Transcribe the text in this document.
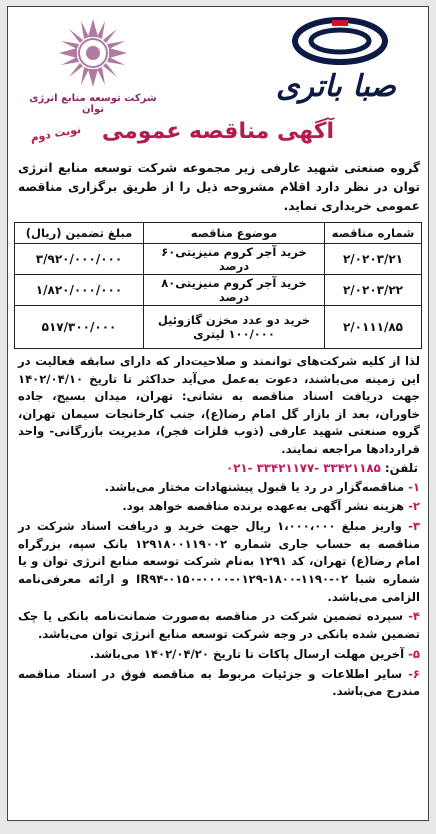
صبا باتری
شرکت توسعه منابع انرژی توان
آگهی مناقصه عمومی
نوبت دوم
گروه صنعتی شهید عارفی زیر مجموعه شرکت توسعه منابع انرژی توان در نظر دارد اقلام مشروحه ذیل را از طریق برگزاری مناقصه عمومی خریداری نماید.
شماره مناقصه	موضوع مناقصه	مبلغ تضمین (ریال)
۲/۰۲۰۳/۲۱	خرید آجر کروم منیزیتی۶۰ درصد	۳/۹۲۰/۰۰۰/۰۰۰
۲/۰۲۰۳/۲۲	خرید آجر کروم منیزیتی۸۰ درصد	۱/۸۲۰/۰۰۰/۰۰۰
۲/۰۱۱۱/۸۵	خرید دو عدد مخزن گازوئیل ۱۰۰/۰۰۰ لیتری	۵۱۷/۳۰۰/۰۰۰
لذا از کلیه شرکت‌های توانمند و صلاحیت‌دار که دارای سابقه فعالیت در این زمینه می‌باشند، دعوت به‌عمل می‌آید حداکثر تا تاریخ ۱۴۰۲/۰۴/۱۰ جهت دریافت اسناد مناقصه به نشانی: تهران، میدان بسیج، جاده خاوران، بعد از بازار گل امام رضا(ع)، جنب کارخانجات سیمان تهران، گروه صنعتی شهید عارفی (ذوب فلزات فجر)، مدیریت بازرگانی- واحد قراردادها مراجعه نمایند.
تلفن: ۰۲۱- ۳۳۴۲۱۱۷۷- ۳۳۴۲۱۱۸۵
۱- مناقصه‌گزار در رد یا قبول پیشنهادات مختار می‌باشد.
۲- هزینه نشر آگهی به‌عهده برنده مناقصه خواهد بود.
۳- واریز مبلغ ۱،۰۰۰،۰۰۰ ریال جهت خرید و دریافت اسناد شرکت در مناقصه به حساب جاری شماره ۱۲۹۱۸۰۰۱۱۹۰۰۲ بانک سپه، بزرگراه امام رضا(ع) تهران، کد ۱۲۹۱ به‌نام شرکت توسعه منابع انرژی توان و یا شماره شبا ۰۲-۱۱۹۰-۱۸۰۰-۰۱۲۹-۰۰۰۰-۰۱۵۰-IR۹۴ و ارائه معرفی‌نامه الزامی می‌باشد.
۴- سپرده تضمین شرکت در مناقصه به‌صورت ضمانت‌نامه بانکی یا چک تضمین شده بانکی در وجه شرکت توسعه منابع انرژی توان می‌باشد.
۵- آخرین مهلت ارسال پاکات تا تاریخ ۱۴۰۲/۰۴/۲۰ می‌باشد.
۶- سایر اطلاعات و جزئیات مربوط به مناقصه فوق در اسناد مناقصه مندرج می‌باشد.
